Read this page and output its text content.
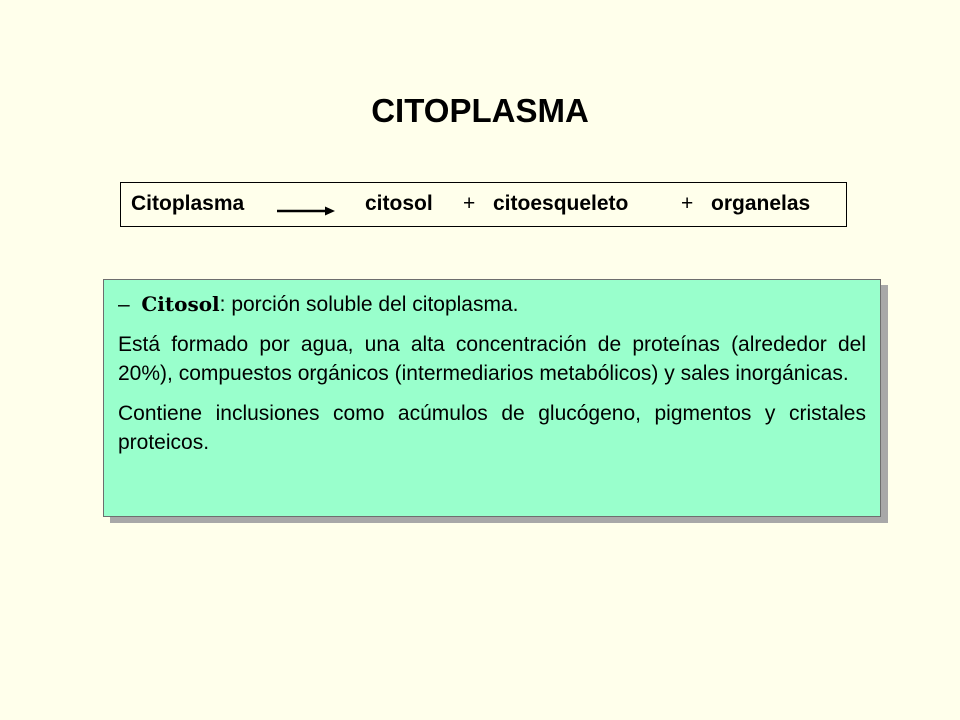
CITOPLASMA
Citoplasma	citosol + citoesqueleto	+ organelas

– Citosol: porción soluble del citoplasma.

Está formado por agua, una alta concentración de proteínas (alrededor del 20%), compuestos orgánicos (intermediarios metabólicos) y sales inorgánicas.

Contiene inclusiones como acúmulos de glucógeno, pigmentos y cristales proteicos.
